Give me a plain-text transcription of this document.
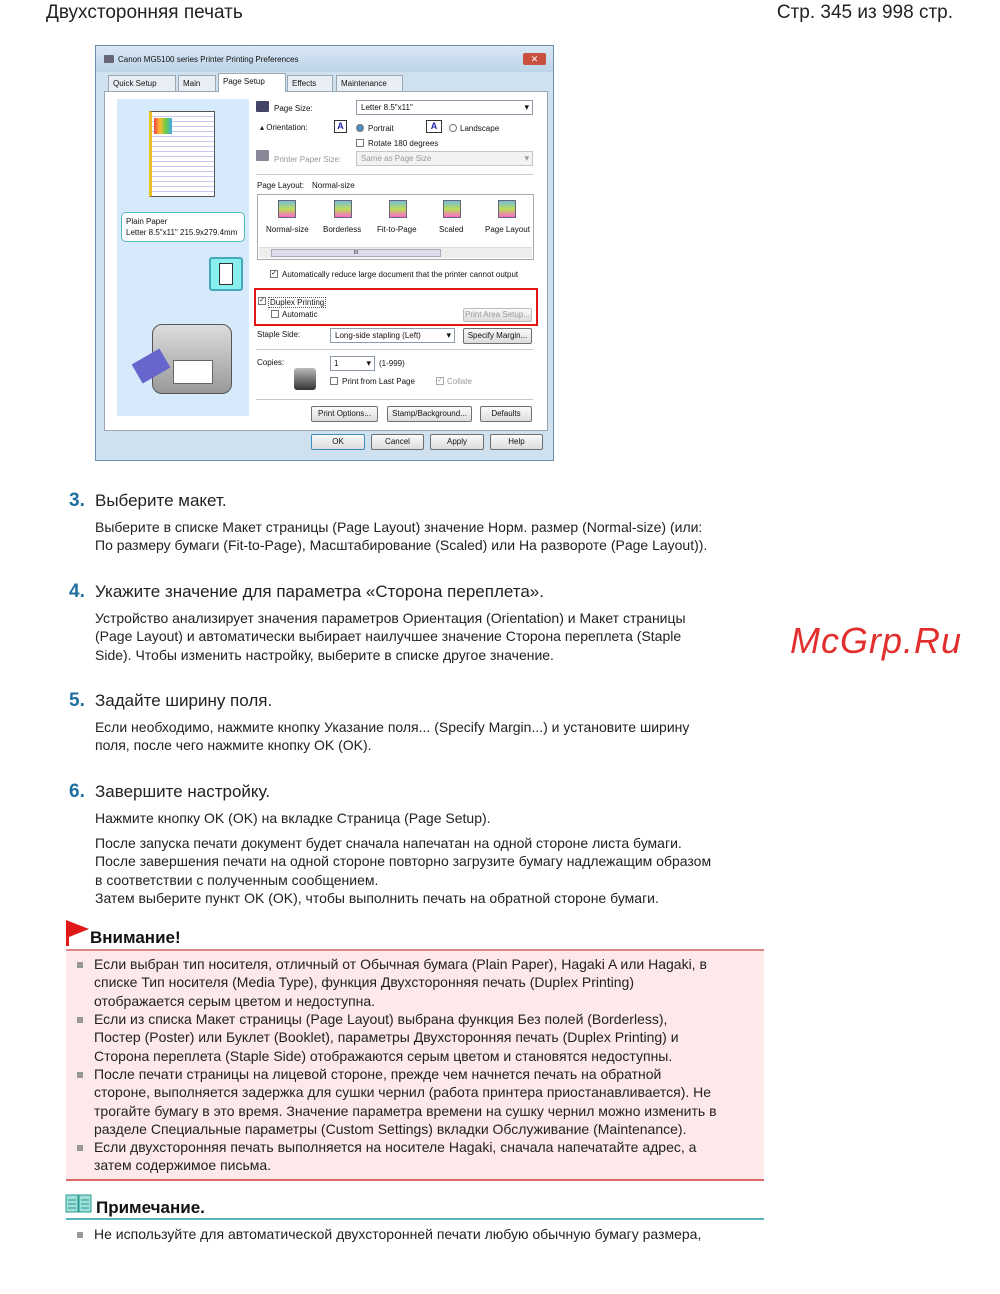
Двухсторонняя печать	Стр. 345 из 998 стр.
Canon MG5100 series Printer Printing Preferences	✕
Quick Setup	Main	Page Setup	Effects	Maintenance
Plain Paper
Letter 8.5"x11" 215.9x279.4mm
Page Size:	Letter 8.5"x11" ▾
▴ Orientation:	A	Portrait	A	Landscape
Rotate 180 degrees
Printer Paper Size:	Same as Page Size ▾
Page Layout: Normal-size
Normal-size Borderless Fit-to-Page	Scaled	Page Layout
III
✓ Automatically reduce large document that the printer cannot output
✓ Duplex Printing
Automatic	Print Area Setup...
Staple Side:	Long-side stapling (Left) ▾	Specify Margin...
Copies:	1 ▾	(1-999)
Print from Last Page	✓ Collate
Print Options...	Stamp/Background...	Defaults
OK	Cancel	Apply	Help
3. Выберите макет.
Выберите в списке Макет страницы (Page Layout) значение Норм. размер (Normal-size) (или:
По размеру бумаги (Fit-to-Page), Масштабирование (Scaled) или На развороте (Page Layout)).
4. Укажите значение для параметра «Сторона переплета».
Устройство анализирует значения параметров Ориентация (Orientation) и Макет страницы
(Page Layout) и автоматически выбирает наилучшее значение Сторона переплета (Staple
Side). Чтобы изменить настройку, выберите в списке другое значение.
5. Задайте ширину поля.
Если необходимо, нажмите кнопку Указание поля... (Specify Margin...) и установите ширину
поля, после чего нажмите кнопку OK (OK).
6. Завершите настройку.
Нажмите кнопку OK (OK) на вкладке Страница (Page Setup).
После запуска печати документ будет сначала напечатан на одной стороне листа бумаги.
После завершения печати на одной стороне повторно загрузите бумагу надлежащим образом
в соответствии с полученным сообщением.
Затем выберите пункт OK (OK), чтобы выполнить печать на обратной стороне бумаги.
McGrp.Ru
Внимание!
Если выбран тип носителя, отличный от Обычная бумага (Plain Paper), Hagaki A или Hagaki, в
списке Тип носителя (Media Type), функция Двухсторонняя печать (Duplex Printing)
отображается серым цветом и недоступна.
Если из списка Макет страницы (Page Layout) выбрана функция Без полей (Borderless),
Постер (Poster) или Буклет (Booklet), параметры Двухсторонняя печать (Duplex Printing) и
Сторона переплета (Staple Side) отображаются серым цветом и становятся недоступны.
После печати страницы на лицевой стороне, прежде чем начнется печать на обратной
стороне, выполняется задержка для сушки чернил (работа принтера приостанавливается). Не
трогайте бумагу в это время. Значение параметра времени на сушку чернил можно изменить в
разделе Специальные параметры (Custom Settings) вкладки Обслуживание (Maintenance).
Если двухсторонняя печать выполняется на носителе Hagaki, сначала напечатайте адрес, а
затем содержимое письма.
Примечание.
Не используйте для автоматической двухсторонней печати любую обычную бумагу размера,
